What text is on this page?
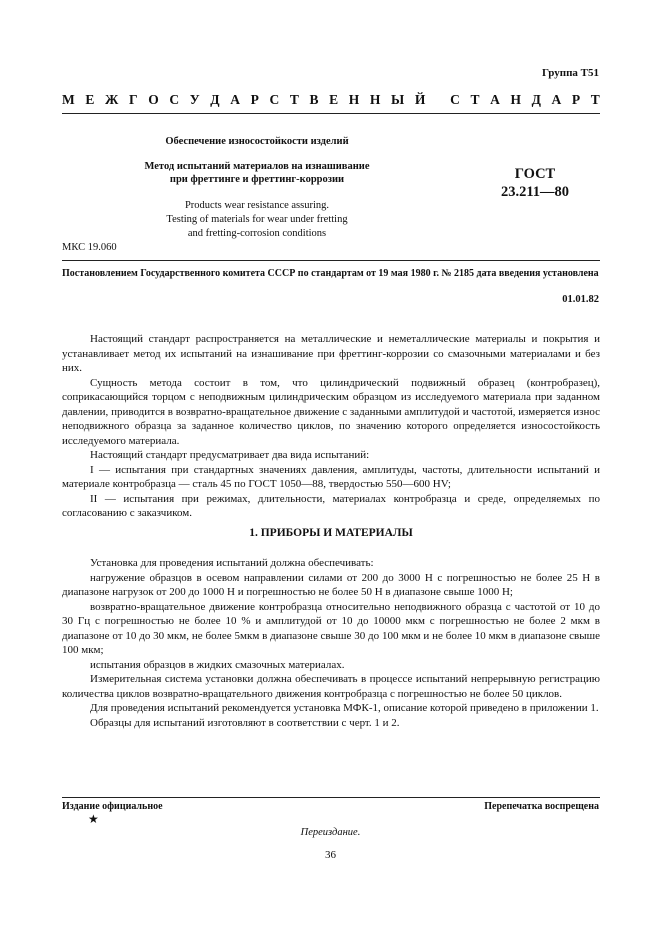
Группа Т51
М Е Ж Г О С У Д А Р С Т В Е Н Н Ы Й
С Т А Н Д А Р Т
Обеспечение износостойкости изделий
Метод испытаний материалов на изнашивание
при фреттинге и фреттинг-коррозии
Products wear resistance assuring.
Testing of materials for wear under fretting
and fretting-corrosion conditions
ГОСТ
23.211—80
МКС 19.060
Постановлением Государственного комитета СССР по стандартам от 19 мая 1980 г. № 2185 дата введения установлена
01.01.82

Настоящий стандарт распространяется на металлические и неметаллические материалы и покрытия и устанавливает метод их испытаний на изнашивание при фреттинг-коррозии со смазочными материалами и без них.

Сущность метода состоит в том, что цилиндрический подвижный образец (контробразец), соприкасающийся торцом с неподвижным цилиндрическим образцом из исследуемого материала при заданном давлении, приводится в возвратно-вращательное движение с заданными амплитудой и частотой, измеряется износ неподвижного образца за заданное количество циклов, по значению которого определяется износостойкость исследуемого материала.

Настоящий стандарт предусматривает два вида испытаний:

I — испытания при стандартных значениях давления, амплитуды, частоты, длительности испытаний и материале контробразца — сталь 45 по ГОСТ 1050—88, твердостью 550—600 HV;

II — испытания при режимах, длительности, материалах контробразца и среде, определяемых по согласованию с заказчиком.

1. ПРИБОРЫ И МАТЕРИАЛЫ

Установка для проведения испытаний должна обеспечивать:

нагружение образцов в осевом направлении силами от 200 до 3000 Н с погрешностью не более 25 Н в диапазоне нагрузок от 200 до 1000 Н и погрешностью не более 50 Н в диапазоне свыше 1000 Н;

возвратно-вращательное движение контробразца относительно неподвижного образца с частотой от 10 до 30 Гц с погрешностью не более 10 % и амплитудой от 10 до 10000 мкм с погрешностью не более 2 мкм в диапазоне от 10 до 30 мкм, не более 5мкм в диапазоне свыше 30 до 100 мкм и не более 10 мкм в диапазоне свыше 100 мкм;

испытания образцов в жидких смазочных материалах.

Измерительная система установки должна обеспечивать в процессе испытаний непрерывную регистрацию количества циклов возвратно-вращательного движения контробразца с погрешностью не более 50 циклов.

Для проведения испытаний рекомендуется установка МФК-1, описание которой приведено в приложении 1.

Образцы для испытаний изготовляют в соответствии с черт. 1 и 2.

Издание официальное	Перепечатка воспрещена
★
Переиздание.
36
